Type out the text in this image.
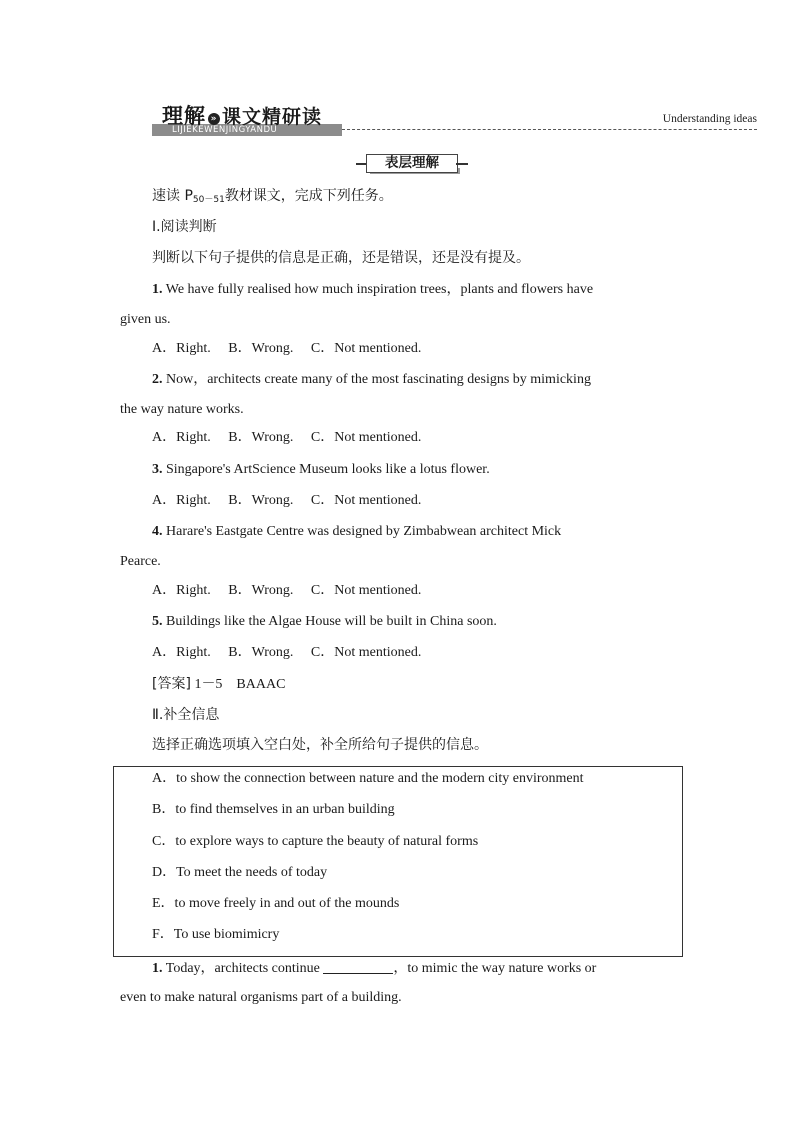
LIJIEKEWENJINGYANDU
理解 » 课文精研读	Understanding ideas
表层理解
速读 $P_{50-51}$教材课文，完成下列任务。
Ⅰ.阅读判断
判断以下句子提供的信息是正确，还是错误，还是没有提及。
1. We have fully realised how much inspiration trees，plants and flowers have
given us.
A．Right.　 B．Wrong.　 C．Not mentioned.
2. Now，architects create many of the most fascinating designs by mimicking
the way nature works.
A．Right.　 B．Wrong.　 C．Not mentioned.
3. Singapore's ArtScience Museum looks like a lotus flower.
A．Right.　 B．Wrong.　 C．Not mentioned.
4. Harare's Eastgate Centre was designed by Zimbabwean architect Mick
Pearce.
A．Right.　 B．Wrong.　 C．Not mentioned.
5. Buildings like the Algae House will be built in China soon.
A．Right.　 B．Wrong.　 C．Not mentioned.
[答案] 1－5　BAAAC
Ⅱ.补全信息
选择正确选项填入空白处，补全所给句子提供的信息。
A．to show the connection between nature and the modern city environment
B．to find themselves in an urban building
C．to explore ways to capture the beauty of natural forms
D．To meet the needs of today
E．to move freely in and out of the mounds
F．To use biomimicry
1. Today，architects continue	，to mimic the way nature works or
even to make natural organisms part of a building.
